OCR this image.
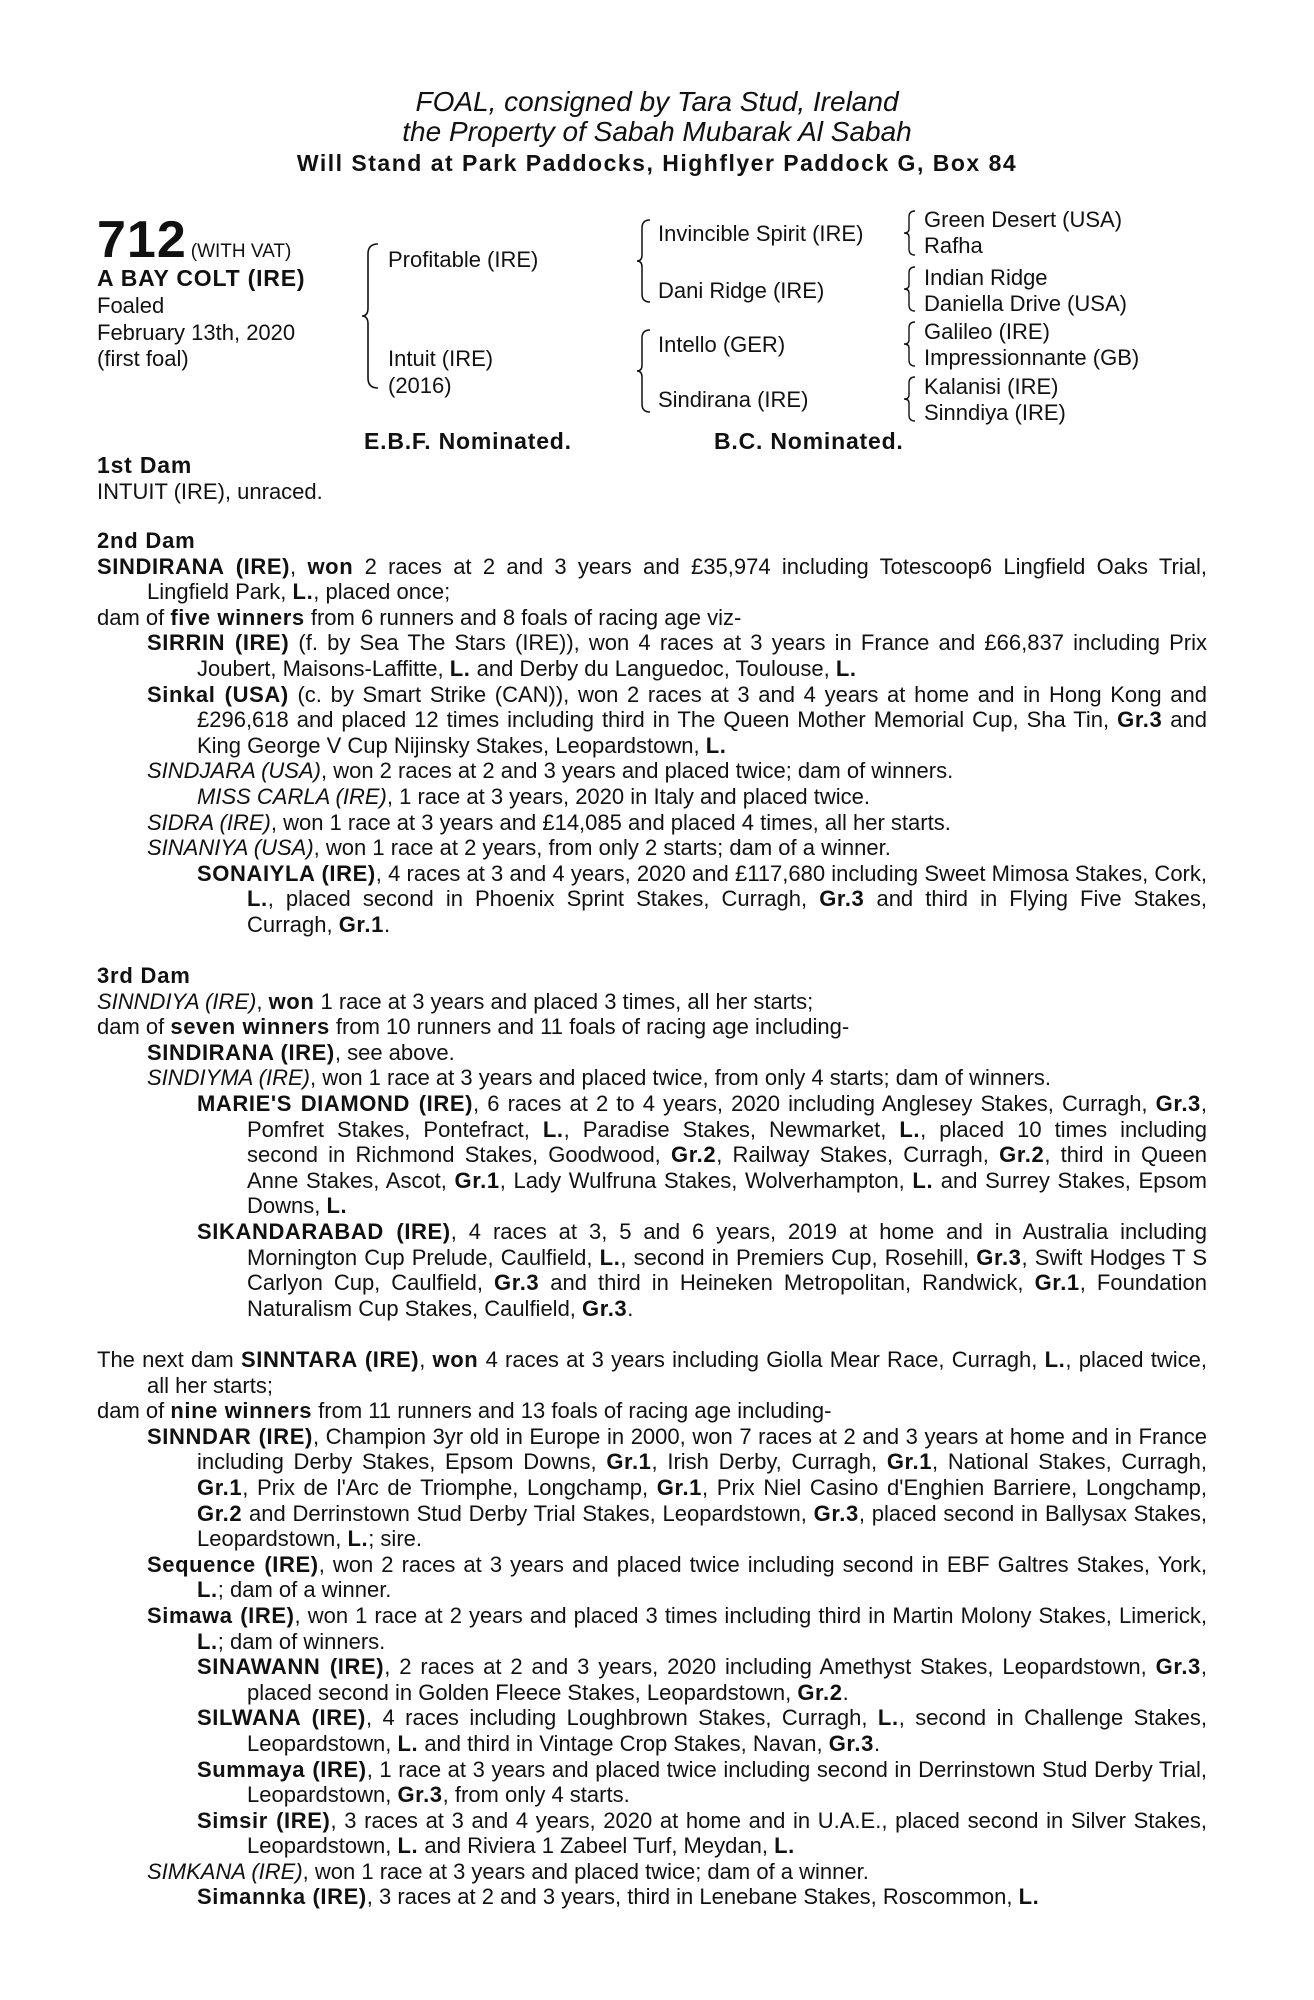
FOAL, consigned by Tara Stud, Ireland
the Property of Sabah Mubarak Al Sabah
Will Stand at Park Paddocks, Highflyer Paddock G, Box 84
712 (WITH VAT)
A BAY COLT (IRE)
Foaled
February 13th, 2020
(first foal)
Profitable (IRE)
Intuit (IRE)
(2016)
Invincible Spirit (IRE)
Dani Ridge (IRE)
Intello (GER)
Sindirana (IRE)
Green Desert (USA)
Rafha
Indian Ridge
Daniella Drive (USA)
Galileo (IRE)
Impressionnante (GB)
Kalanisi (IRE)
Sinndiya (IRE)
E.B.F. Nominated.	B.C. Nominated.
1st Dam
INTUIT (IRE), unraced.

2nd Dam

SINDIRANA (IRE), won 2 races at 2 and 3 years and £35,974 including Totescoop6 Lingfield Oaks Trial, Lingfield Park, L., placed once;

dam of five winners from 6 runners and 8 foals of racing age viz-

SIRRIN (IRE) (f. by Sea The Stars (IRE)), won 4 races at 3 years in France and £66,837 including Prix Joubert, Maisons-Laffitte, L. and Derby du Languedoc, Toulouse, L.

Sinkal (USA) (c. by Smart Strike (CAN)), won 2 races at 3 and 4 years at home and in Hong Kong and £296,618 and placed 12 times including third in The Queen Mother Memorial Cup, Sha Tin, Gr.3 and King George V Cup Nijinsky Stakes, Leopardstown, L.

SINDJARA (USA), won 2 races at 2 and 3 years and placed twice; dam of winners.

MISS CARLA (IRE), 1 race at 3 years, 2020 in Italy and placed twice.

SIDRA (IRE), won 1 race at 3 years and £14,085 and placed 4 times, all her starts.

SINANIYA (USA), won 1 race at 2 years, from only 2 starts; dam of a winner.

SONAIYLA (IRE), 4 races at 3 and 4 years, 2020 and £117,680 including Sweet Mimosa Stakes, Cork, L., placed second in Phoenix Sprint Stakes, Curragh, Gr.3 and third in Flying Five Stakes, Curragh, Gr.1.

3rd Dam

SINNDIYA (IRE), won 1 race at 3 years and placed 3 times, all her starts;

dam of seven winners from 10 runners and 11 foals of racing age including-

SINDIRANA (IRE), see above.

SINDIYMA (IRE), won 1 race at 3 years and placed twice, from only 4 starts; dam of winners.

MARIE'S DIAMOND (IRE), 6 races at 2 to 4 years, 2020 including Anglesey Stakes, Curragh, Gr.3, Pomfret Stakes, Pontefract, L., Paradise Stakes, Newmarket, L., placed 10 times including second in Richmond Stakes, Goodwood, Gr.2, Railway Stakes, Curragh, Gr.2, third in Queen Anne Stakes, Ascot, Gr.1, Lady Wulfruna Stakes, Wolverhampton, L. and Surrey Stakes, Epsom Downs, L.

SIKANDARABAD (IRE), 4 races at 3, 5 and 6 years, 2019 at home and in Australia including Mornington Cup Prelude, Caulfield, L., second in Premiers Cup, Rosehill, Gr.3, Swift Hodges T S Carlyon Cup, Caulfield, Gr.3 and third in Heineken Metropolitan, Randwick, Gr.1, Foundation Naturalism Cup Stakes, Caulfield, Gr.3.

The next dam SINNTARA (IRE), won 4 races at 3 years including Giolla Mear Race, Curragh, L., placed twice, all her starts;

dam of nine winners from 11 runners and 13 foals of racing age including-

SINNDAR (IRE), Champion 3yr old in Europe in 2000, won 7 races at 2 and 3 years at home and in France including Derby Stakes, Epsom Downs, Gr.1, Irish Derby, Curragh, Gr.1, National Stakes, Curragh, Gr.1, Prix de l'Arc de Triomphe, Longchamp, Gr.1, Prix Niel Casino d'Enghien Barriere, Longchamp, Gr.2 and Derrinstown Stud Derby Trial Stakes, Leopardstown, Gr.3, placed second in Ballysax Stakes, Leopardstown, L.; sire.

Sequence (IRE), won 2 races at 3 years and placed twice including second in EBF Galtres Stakes, York, L.; dam of a winner.

Simawa (IRE), won 1 race at 2 years and placed 3 times including third in Martin Molony Stakes, Limerick, L.; dam of winners.

SINAWANN (IRE), 2 races at 2 and 3 years, 2020 including Amethyst Stakes, Leopardstown, Gr.3, placed second in Golden Fleece Stakes, Leopardstown, Gr.2.

SILWANA (IRE), 4 races including Loughbrown Stakes, Curragh, L., second in Challenge Stakes, Leopardstown, L. and third in Vintage Crop Stakes, Navan, Gr.3.

Summaya (IRE), 1 race at 3 years and placed twice including second in Derrinstown Stud Derby Trial, Leopardstown, Gr.3, from only 4 starts.

Simsir (IRE), 3 races at 3 and 4 years, 2020 at home and in U.A.E., placed second in Silver Stakes, Leopardstown, L. and Riviera 1 Zabeel Turf, Meydan, L.

SIMKANA (IRE), won 1 race at 3 years and placed twice; dam of a winner.

Simannka (IRE), 3 races at 2 and 3 years, third in Lenebane Stakes, Roscommon, L.
